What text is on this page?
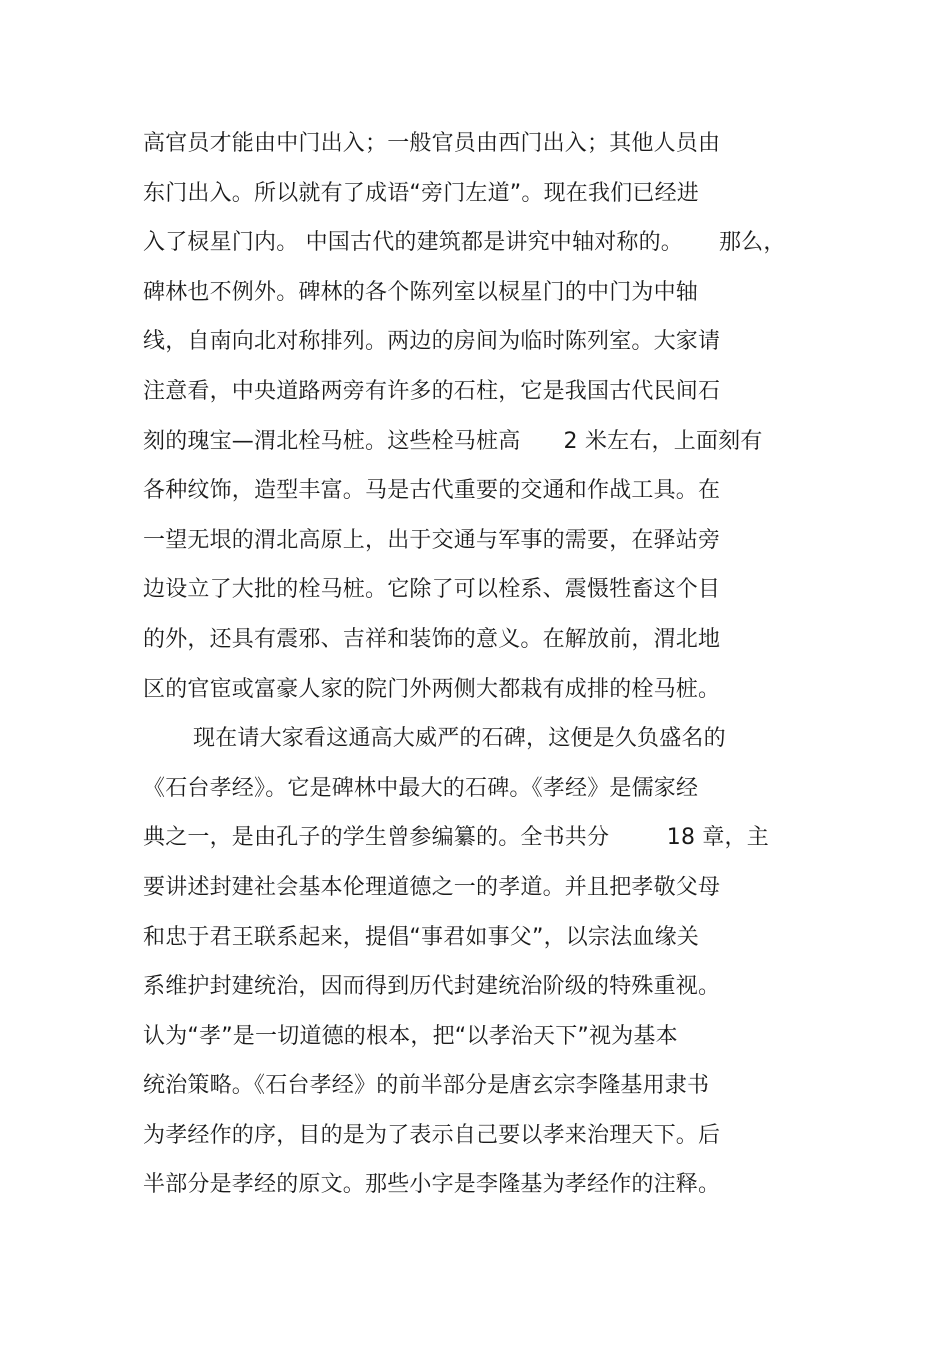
高官员才能由中门出入；一般官员由西门出入；其他人员由
东门出入。所以就有了成语“旁门左道”。现在我们已经进
入了棂星门内。 中国古代的建筑都是讲究中轴对称的。     那么，
碑林也不例外。碑林的各个陈列室以棂星门的中门为中轴
线，自南向北对称排列。两边的房间为临时陈列室。大家请
注意看，中央道路两旁有许多的石柱，它是我国古代民间石
刻的瑰宝—渭北栓马桩。这些栓马桩高      2 米左右，上面刻有
各种纹饰，造型丰富。马是古代重要的交通和作战工具。在
一望无垠的渭北高原上，出于交通与军事的需要，在驿站旁
边设立了大批的栓马桩。它除了可以栓系、震慑牲畜这个目
的外，还具有震邪、吉祥和装饰的意义。在解放前，渭北地
区的官宦或富豪人家的院门外两侧大都栽有成排的栓马桩。
现在请大家看这通高大威严的石碑，这便是久负盛名的
《石台孝经》。它是碑林中最大的石碑。《孝经》是儒家经
典之一，是由孔子的学生曾参编纂的。全书共分        18 章，主
要讲述封建社会基本伦理道德之一的孝道。并且把孝敬父母
和忠于君王联系起来，提倡“事君如事父”，以宗法血缘关
系维护封建统治，因而得到历代封建统治阶级的特殊重视。
认为“孝”是一切道德的根本，把“以孝治天下”视为基本
统治策略。《石台孝经》的前半部分是唐玄宗李隆基用隶书
为孝经作的序，目的是为了表示自己要以孝来治理天下。后
半部分是孝经的原文。那些小字是李隆基为孝经作的注释。
